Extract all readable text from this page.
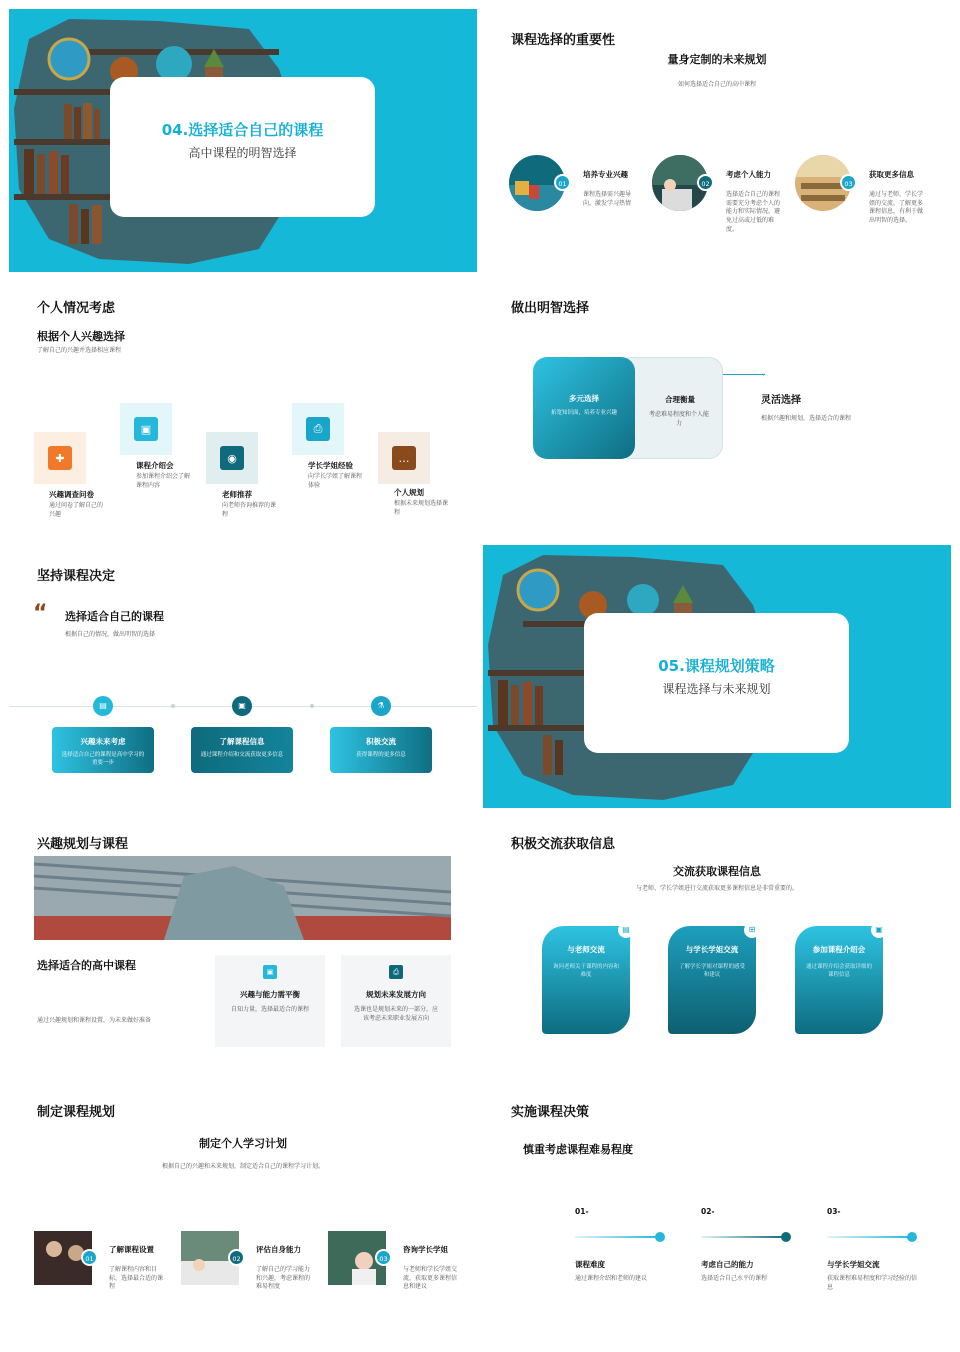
04.选择适合自己的课程
高中课程的明智选择
课程选择的重要性
量身定制的未来规划
如何选择适合自己的高中课程
01
培养专业兴趣
课程选择需兴趣导向，激发学习热情
02
考虑个人能力
选择适合自己的课程需要充分考虑个人的能力和实际情况，避免过高或过低的难度。
03
获取更多信息
通过与老师、学长学姐的交流，了解更多课程信息，有利于做出明智的选择。
个人情况考虑
根据个人兴趣选择
了解自己的兴趣并选择相应课程
✚
兴趣调查问卷
通过问卷了解自己的兴趣
▣
课程介绍会
参加课程介绍会了解课程内容
◉
老师推荐
向老师咨询推荐的课程
⎙
学长学姐经验
向学长学姐了解课程体验
…
个人规划
根据未来规划选择课程
做出明智选择
合理衡量
考虑难易程度和个人能力
多元选择
拓宽知识面，培养专业兴趣
›
灵活选择
根据兴趣和规划，选择适合的课程
坚持课程决定
“ 选择适合自己的课程
根据自己的情况，做出明智的选择
▤
兴趣未来考虑
选择适合自己的课程是高中学习的重要一步
▣
了解课程信息
通过课程介绍和交流获取更多信息
⚗
积极交流
获得课程的更多信息
05.课程规划策略
课程选择与未来规划
兴趣规划与课程
选择适合的高中课程
通过兴趣规划和课程设置，为未来做好准备
▣
兴趣与能力需平衡
自知力量，选择最适合的课程
⎙
规划未来发展方向
选课也是规划未来的一部分，应该考虑未来职业发展方向
积极交流获取信息
交流获取课程信息
与老师、学长学姐进行交流获取更多课程信息是非常重要的。
▤
与老师交流
询问老师关于课程的内容和难度
⊞
与学长学姐交流
了解学长学姐对课程的感受和建议
▣
参加课程介绍会
通过课程介绍会获取详细的课程信息
制定课程规划
制定个人学习计划
根据自己的兴趣和未来规划，制定适合自己的课程学习计划。
01
了解课程设置
了解课程内容和目标，选择最合适的课程
02
评估自身能力
了解自己的学习能力和兴趣，考虑课程的难易程度
03
咨询学长学姐
与老师和学长学姐交流，获取更多课程信息和建议
实施课程决策
慎重考虑课程难易程度
01-
课程难度
通过课程介绍和老师的建议
02-
考虑自己的能力
选择适合自己水平的课程
03-
与学长学姐交流
获取课程难易程度和学习经验的信息
